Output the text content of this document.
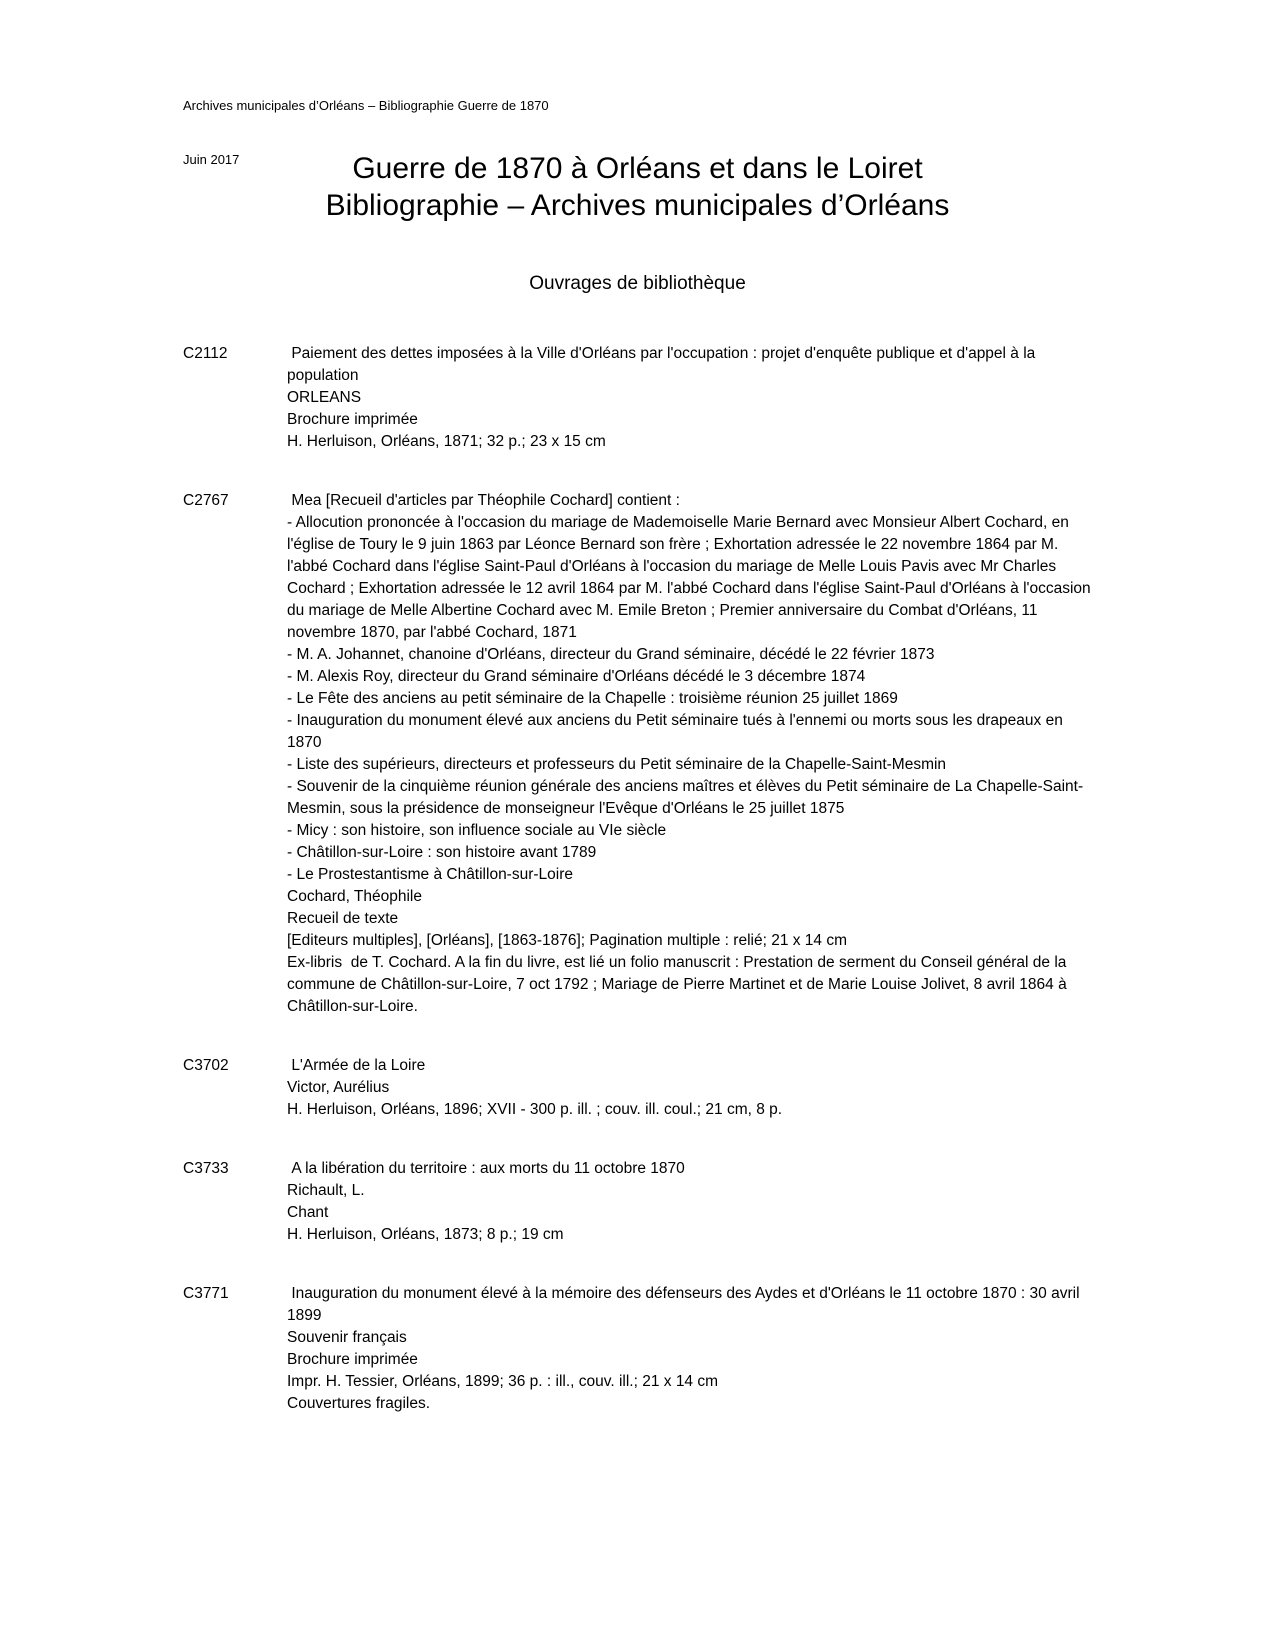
Archives municipales d’Orléans – Bibliographie Guerre de 1870

Juin 2017	Guerre de 1870 à Orléans et dans le Loiret
Bibliographie – Archives municipales d’Orléans
Ouvrages de bibliothèque
C2112	Paiement des dettes imposées à la Ville d'Orléans par l'occupation : projet d'enquête publique et d'appel à la population
ORLEANS
Brochure imprimée
H. Herluison, Orléans, 1871; 32 p.; 23 x 15 cm
C2767	Mea [Recueil d'articles par Théophile Cochard] contient :
- Allocution prononcée à l'occasion du mariage de Mademoiselle Marie Bernard avec Monsieur Albert Cochard, en l'église de Toury le 9 juin 1863 par Léonce Bernard son frère ; Exhortation adressée le 22 novembre 1864 par M. l'abbé Cochard dans l'église Saint-Paul d'Orléans à l'occasion du mariage de Melle Louis Pavis avec Mr Charles Cochard ; Exhortation adressée le 12 avril 1864 par M. l'abbé Cochard dans l'église Saint-Paul d'Orléans à l'occasion du mariage de Melle Albertine Cochard avec M. Emile Breton ; Premier anniversaire du Combat d'Orléans, 11 novembre 1870, par l'abbé Cochard, 1871
- M. A. Johannet, chanoine d'Orléans, directeur du Grand séminaire, décédé le 22 février 1873
- M. Alexis Roy, directeur du Grand séminaire d'Orléans décédé le 3 décembre 1874
- Le Fête des anciens au petit séminaire de la Chapelle : troisième réunion 25 juillet 1869
- Inauguration du monument élevé aux anciens du Petit séminaire tués à l'ennemi ou morts sous les drapeaux en 1870
- Liste des supérieurs, directeurs et professeurs du Petit séminaire de la Chapelle-Saint-Mesmin
- Souvenir de la cinquième réunion générale des anciens maîtres et élèves du Petit séminaire de La Chapelle-Saint-Mesmin, sous la présidence de monseigneur l'Evêque d'Orléans le 25 juillet 1875
- Micy : son histoire, son influence sociale au VIe siècle
- Châtillon-sur-Loire : son histoire avant 1789
- Le Prostestantisme à Châtillon-sur-Loire
Cochard, Théophile
Recueil de texte
[Editeurs multiples], [Orléans], [1863-1876]; Pagination multiple : relié; 21 x 14 cm
Ex-libris  de T. Cochard. A la fin du livre, est lié un folio manuscrit : Prestation de serment du Conseil général de la commune de Châtillon-sur-Loire, 7 oct 1792 ; Mariage de Pierre Martinet et de Marie Louise Jolivet, 8 avril 1864 à Châtillon-sur-Loire.
C3702	L'Armée de la Loire
Victor, Aurélius
H. Herluison, Orléans, 1896; XVII - 300 p. ill. ; couv. ill. coul.; 21 cm, 8 p.
C3733	A la libération du territoire : aux morts du 11 octobre 1870
Richault, L.
Chant
H. Herluison, Orléans, 1873; 8 p.; 19 cm
C3771	Inauguration du monument élevé à la mémoire des défenseurs des Aydes et d'Orléans le 11 octobre 1870 : 30 avril 1899
Souvenir français
Brochure imprimée
Impr. H. Tessier, Orléans, 1899; 36 p. : ill., couv. ill.; 21 x 14 cm
Couvertures fragiles.
